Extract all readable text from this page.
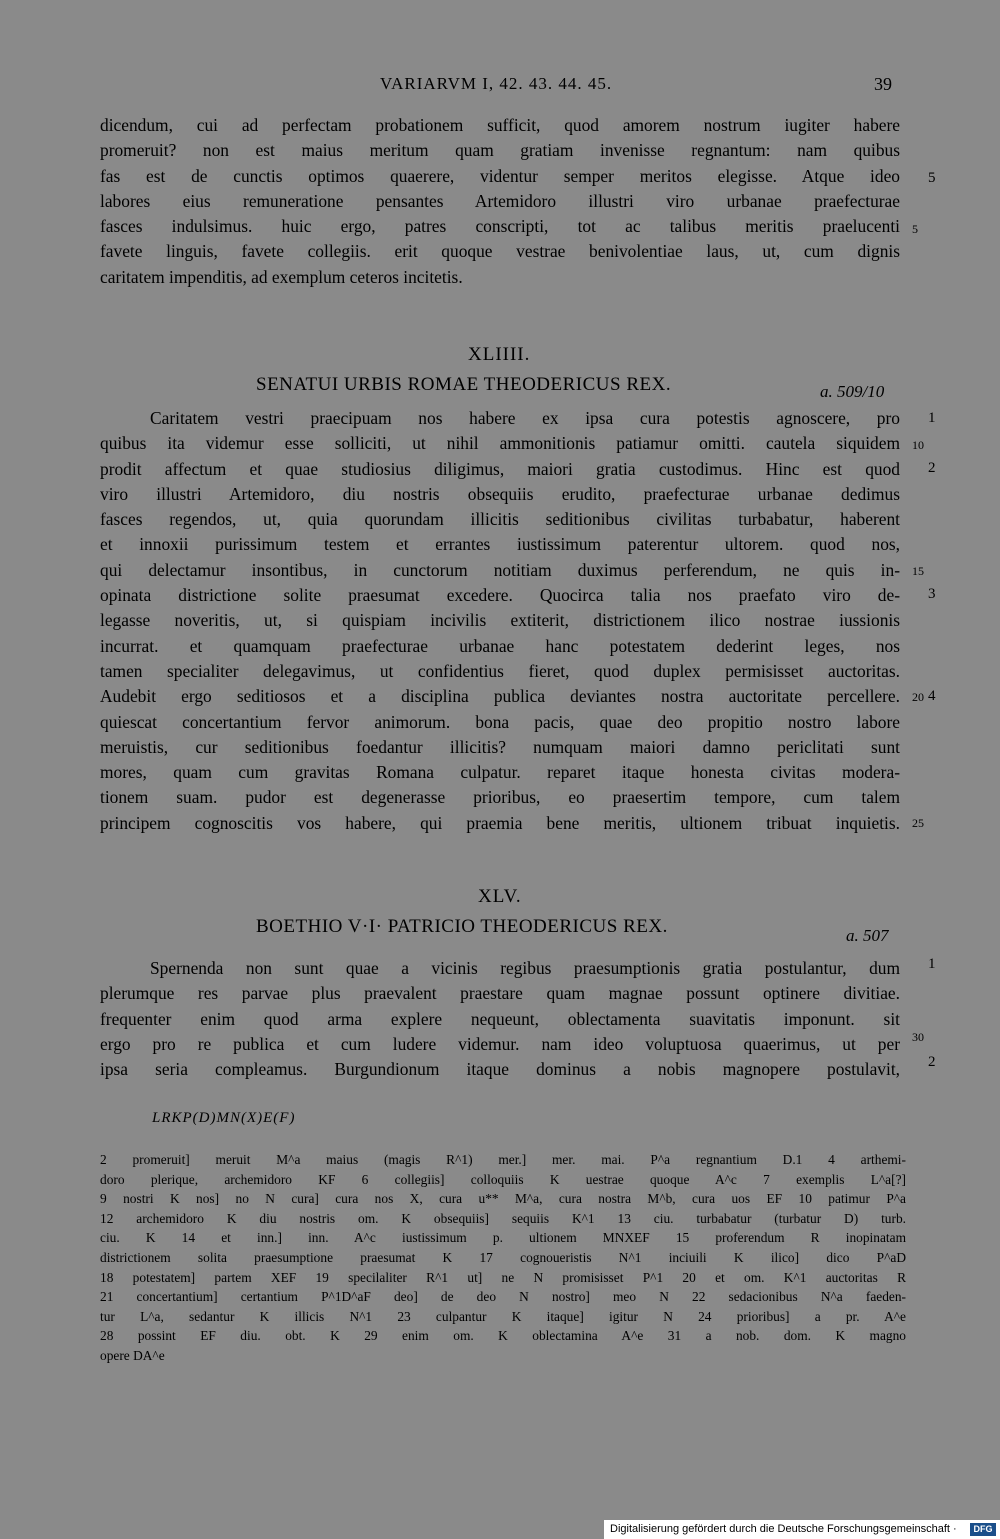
VARIARVM I, 42. 43. 44. 45.	39
dicendum, cui ad perfectam probationem sufficit, quod amorem nostrum iugiter habere
promeruit? non est maius meritum quam gratiam invenisse regnantum: nam quibus
fas est de cunctis optimos quaerere, videntur semper meritos elegisse. Atque ideo
labores eius remuneratione pensantes Artemidoro illustri viro urbanae praefecturae
fasces indulsimus. huic ergo, patres conscripti, tot ac talibus meritis praelucenti
favete linguis, favete collegiis. erit quoque vestrae benivolentiae laus, ut, cum dignis
caritatem impenditis, ad exemplum ceteros incitetis.
5
5
XLIIII.
SENATUI URBIS ROMAE THEODERICUS REX.	a. 509/10
Caritatem vestri praecipuam nos habere ex ipsa cura potestis agnoscere, pro
quibus ita videmur esse solliciti, ut nihil ammonitionis patiamur omitti. cautela siquidem
prodit affectum et quae studiosius diligimus, maiori gratia custodimus. Hinc est quod
viro illustri Artemidoro, diu nostris obsequiis erudito, praefecturae urbanae dedimus
fasces regendos, ut, quia quorundam illicitis seditionibus civilitas turbabatur, haberent
et innoxii purissimum testem et errantes iustissimum paterentur ultorem. quod nos,
qui delectamur insontibus, in cunctorum notitiam duximus perferendum, ne quis in-
opinata districtione solite praesumat excedere. Quocirca talia nos praefato viro de-
legasse noveritis, ut, si quispiam incivilis extiterit, districtionem ilico nostrae iussionis
incurrat. et quamquam praefecturae urbanae hanc potestatem dederint leges, nos
tamen specialiter delegavimus, ut confidentius fieret, quod duplex permisisset auctoritas.
Audebit ergo seditiosos et a disciplina publica deviantes nostra auctoritate percellere.
quiescat concertantium fervor animorum. bona pacis, quae deo propitio nostro labore
meruistis, cur seditionibus foedantur illicitis? numquam maiori damno periclitati sunt
mores, quam cum gravitas Romana culpatur. reparet itaque honesta civitas modera-
tionem suam. pudor est degenerasse prioribus, eo praesertim tempore, cum talem
principem cognoscitis vos habere, qui praemia bene meritis, ultionem tribuat inquietis.
1
10
2
15
3
20 4
25
XLV.
BOETHIO V·I· PATRICIO THEODERICUS REX.	a. 507
Spernenda non sunt quae a vicinis regibus praesumptionis gratia postulantur, dum
plerumque res parvae plus praevalent praestare quam magnae possunt optinere divitiae.
frequenter enim quod arma explere nequeunt, oblectamenta suavitatis imponunt. sit
ergo pro re publica et cum ludere videmur. nam ideo voluptuosa quaerimus, ut per
ipsa seria compleamus. Burgundionum itaque dominus a nobis magnopere postulavit,
1
30
2
LRKP(D)MN(X)E(F)
2 promeruit] meruit M^a maius (magis R^1) mer.] mer. mai. P^a regnantium D.1 4 arthemi-
doro plerique, archemidoro KF 6 collegiis] colloquiis K uestrae quoque A^c 7 exemplis L^a[?]
9 nostri K nos] no N cura] cura nos X, cura u** M^a, cura nostra M^b, cura uos EF 10 patimur P^a
12 archemidoro K diu nostris om. K obsequiis] sequiis K^1 13 ciu. turbabatur (turbatur D) turb.
ciu. K 14 et inn.] inn. A^c iustissimum p. ultionem MNXEF 15 proferendum R inopinatam
districtionem solita praesumptione praesumat K 17 cognoueristis N^1 inciuili K ilico] dico P^aD
18 potestatem] partem XEF 19 specilaliter R^1 ut] ne N promisisset P^1 20 et om. K^1 auctoritas R
21 concertantium] certantium P^1D^aF deo] de deo N nostro] meo N 22 sedacionibus N^a faeden-
tur L^a, sedantur K illicis N^1 23 culpantur K itaque] igitur N 24 prioribus] a pr. A^e
28 possint EF diu. obt. K 29 enim om. K oblectamina A^e 31 a nob. dom. K magno
opere DA^e
Digitalisierung gefördert durch die Deutsche Forschungsgemeinschaft ·	DFG
